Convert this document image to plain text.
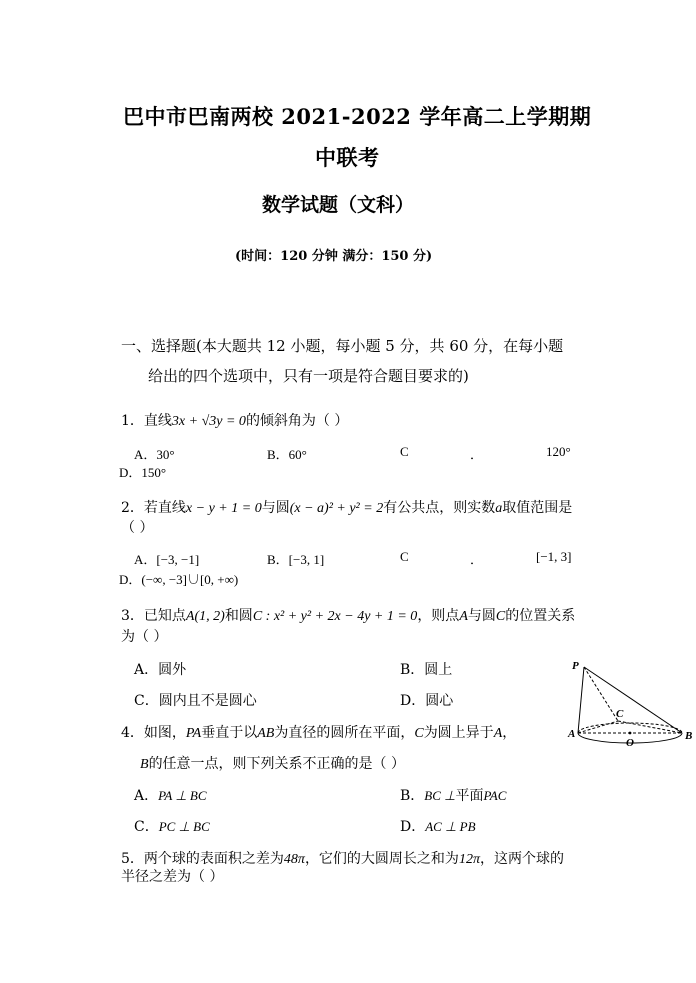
巴中市巴南两校 2021-2022 学年高二上学期期
中联考
数学试题（文科）
(时间：120 分钟 满分：150 分)
一、选择题(本大题共 12 小题，每小题 5 分，共 60 分，在每小题
给出的四个选项中，只有一项是符合题目要求的)
1．直线3x + √3y = 0的倾斜角为（ ）
A．30°	B．60°	C	．	120°
D．150°
2．若直线x − y + 1 = 0与圆(x − a)² + y² = 2有公共点，则实数a取值范围是
（ ）
A．[−3, −1]	B．[−3, 1]	C	．	[−1, 3]
D．(−∞, −3]∪[0, +∞)
3．已知点A(1, 2)和圆C : x² + y² + 2x − 4y + 1 = 0，则点A与圆C的位置关系
为（ ）
A．圆外	B．圆上
C．圆内且不是圆心	D．圆心
4．如图，PA垂直于以AB为直径的圆所在平面，C为圆上异于A，
B的任意一点，则下列关系不正确的是（ ）
A．PA ⊥ BC	B．BC ⊥平面PAC
C．PC ⊥ BC	D．AC ⊥ PB
P
A	B
C
O
5．两个球的表面积之差为48π，它们的大圆周长之和为12π，这两个球的
半径之差为（ ）
